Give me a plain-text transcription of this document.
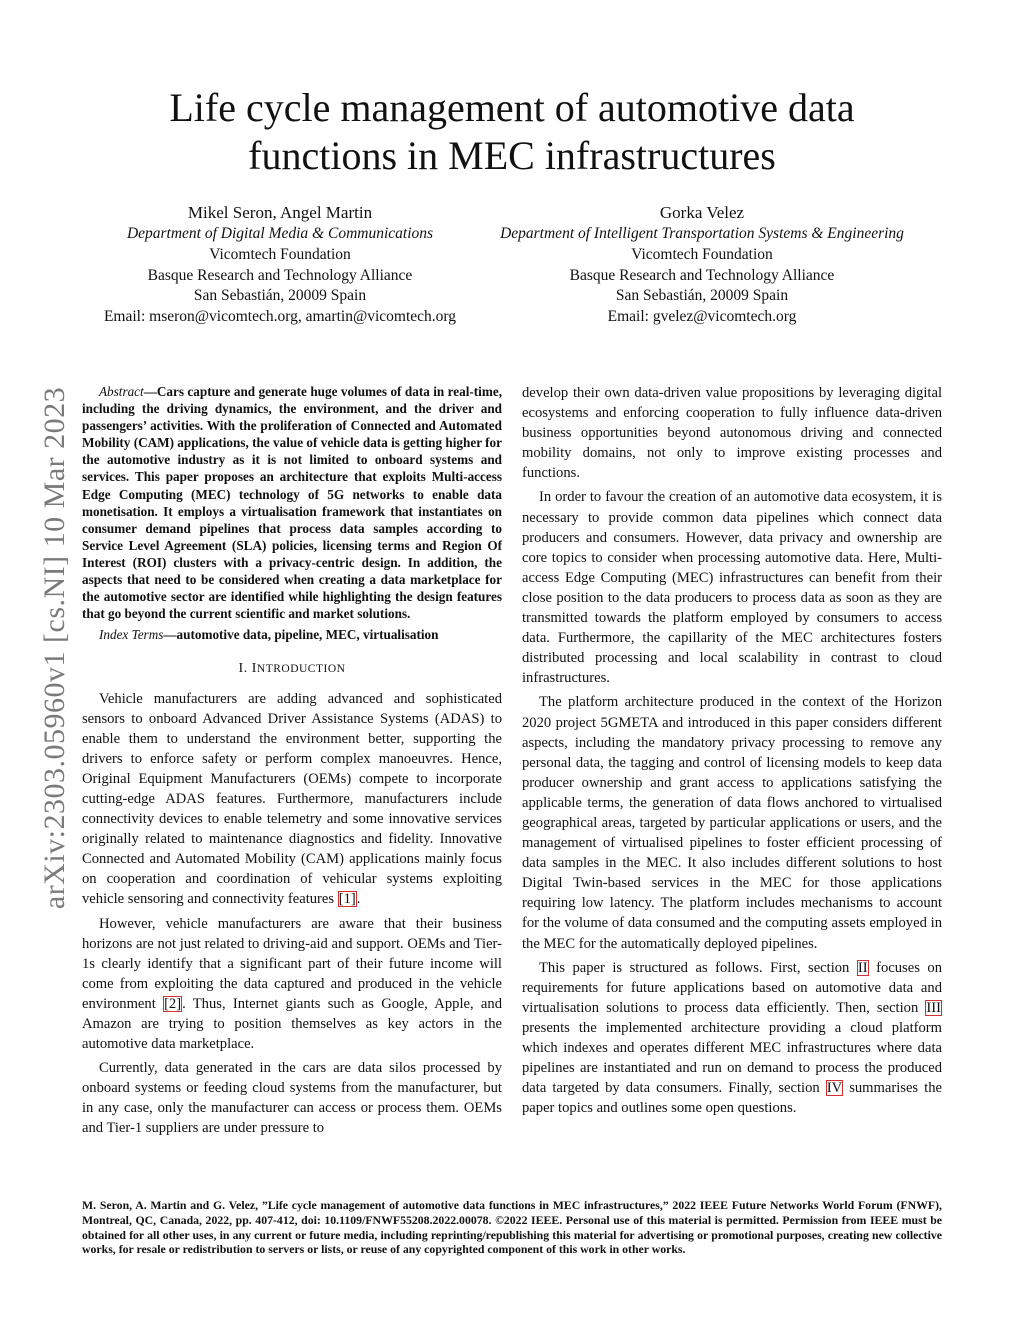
Life cycle management of automotive data
functions in MEC infrastructures
Mikel Seron, Angel Martin
Department of Digital Media & Communications
Vicomtech Foundation
Basque Research and Technology Alliance
San Sebastián, 20009 Spain
Email: mseron@vicomtech.org, amartin@vicomtech.org
Gorka Velez
Department of Intelligent Transportation Systems & Engineering
Vicomtech Foundation
Basque Research and Technology Alliance
San Sebastián, 20009 Spain
Email: gvelez@vicomtech.org
arXiv:2303.05960v1 [cs.NI] 10 Mar 2023	Abstract—Cars capture and generate huge volumes of data in real-time, including the driving dynamics, the environment, and the driver and passengers’ activities. With the proliferation of Connected and Automated Mobility (CAM) applications, the value of vehicle data is getting higher for the automotive industry as it is not limited to onboard systems and services. This paper proposes an architecture that exploits Multi-access Edge Computing (MEC) technology of 5G networks to enable data monetisation. It employs a virtualisation framework that instantiates on consumer demand pipelines that process data samples according to Service Level Agreement (SLA) policies, licensing terms and Region Of Interest (ROI) clusters with a privacy-centric design. In addition, the aspects that need to be considered when creating a data marketplace for the automotive sector are identified while highlighting the design features that go beyond the current scientific and market solutions.

Index Terms—automotive data, pipeline, MEC, virtualisation

I. INTRODUCTION

Vehicle manufacturers are adding advanced and sophisticated sensors to onboard Advanced Driver Assistance Systems (ADAS) to enable them to understand the environment better, supporting the drivers to enforce safety or perform complex manoeuvres. Hence, Original Equipment Manufacturers (OEMs) compete to incorporate cutting-edge ADAS features. Furthermore, manufacturers include connectivity devices to enable telemetry and some innovative services originally related to maintenance diagnostics and fidelity. Innovative Connected and Automated Mobility (CAM) applications mainly focus on cooperation and coordination of vehicular systems exploiting vehicle sensoring and connectivity features [1].

However, vehicle manufacturers are aware that their business horizons are not just related to driving-aid and support. OEMs and Tier-1s clearly identify that a significant part of their future income will come from exploiting the data captured and produced in the vehicle environment [2]. Thus, Internet giants such as Google, Apple, and Amazon are trying to position themselves as key actors in the automotive data marketplace.

Currently, data generated in the cars are data silos processed by onboard systems or feeding cloud systems from the manufacturer, but in any case, only the manufacturer can access or process them. OEMs and Tier-1 suppliers are under pressure to

develop their own data-driven value propositions by leveraging digital ecosystems and enforcing cooperation to fully influence data-driven business opportunities beyond autonomous driving and connected mobility domains, not only to improve existing processes and functions.

In order to favour the creation of an automotive data ecosystem, it is necessary to provide common data pipelines which connect data producers and consumers. However, data privacy and ownership are core topics to consider when processing automotive data. Here, Multi-access Edge Computing (MEC) infrastructures can benefit from their close position to the data producers to process data as soon as they are transmitted towards the platform employed by consumers to access data. Furthermore, the capillarity of the MEC architectures fosters distributed processing and local scalability in contrast to cloud infrastructures.

The platform architecture produced in the context of the Horizon 2020 project 5GMETA and introduced in this paper considers different aspects, including the mandatory privacy processing to remove any personal data, the tagging and control of licensing models to keep data producer ownership and grant access to applications satisfying the applicable terms, the generation of data flows anchored to virtualised geographical areas, targeted by particular applications or users, and the management of virtualised pipelines to foster efficient processing of data samples in the MEC. It also includes different solutions to host Digital Twin-based services in the MEC for those applications requiring low latency. The platform includes mechanisms to account for the volume of data consumed and the computing assets employed in the MEC for the automatically deployed pipelines.

This paper is structured as follows. First, section II focuses on requirements for future applications based on automotive data and virtualisation solutions to process data efficiently. Then, section III presents the implemented architecture providing a cloud platform which indexes and operates different MEC infrastructures where data pipelines are instantiated and run on demand to process the produced data targeted by data consumers. Finally, section IV summarises the paper topics and outlines some open questions.

M. Seron, A. Martin and G. Velez, ”Life cycle management of automotive data functions in MEC infrastructures,” 2022 IEEE Future Networks World Forum (FNWF), Montreal, QC, Canada, 2022, pp. 407-412, doi: 10.1109/FNWF55208.2022.00078. ©2022 IEEE. Personal use of this material is permitted. Permission from IEEE must be obtained for all other uses, in any current or future media, including reprinting/republishing this material for advertising or promotional purposes, creating new collective works, for resale or redistribution to servers or lists, or reuse of any copyrighted component of this work in other works.
